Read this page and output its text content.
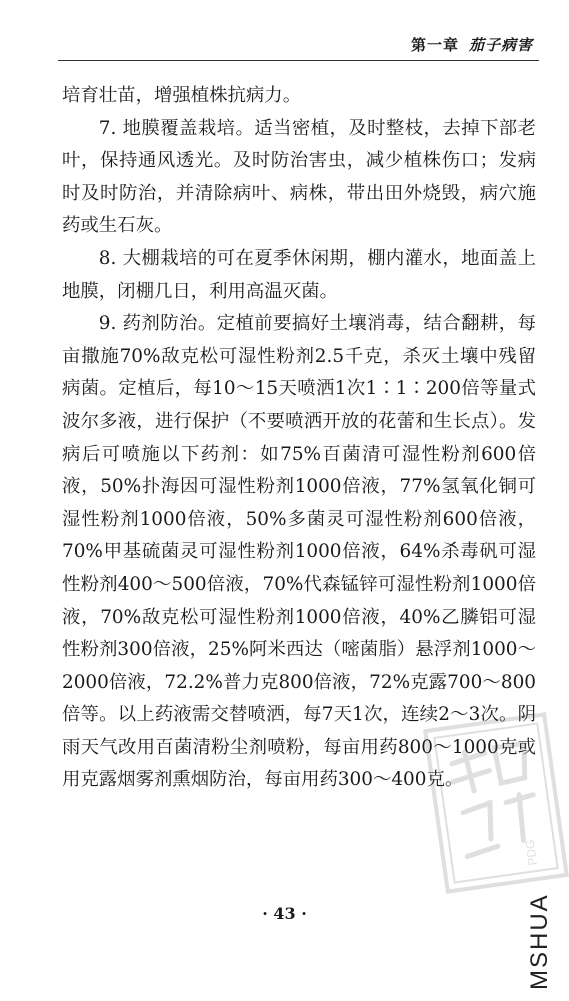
第一章 茄子病害

培育壮苗，增强植株抗病力。

7. 地膜覆盖栽培。适当密植，及时整枝，去掉下部老叶，保持通风透光。及时防治害虫，减少植株伤口；发病时及时防治，并清除病叶、病株，带出田外烧毁，病穴施药或生石灰。

8. 大棚栽培的可在夏季休闲期，棚内灌水，地面盖上地膜，闭棚几日，利用高温灭菌。

9. 药剂防治。定植前要搞好土壤消毒，结合翻耕，每亩撒施70%敌克松可湿性粉剂2.5千克，杀灭土壤中残留病菌。定植后，每10～15天喷洒1次1∶1∶200倍等量式波尔多液，进行保护（不要喷洒开放的花蕾和生长点）。发病后可喷施以下药剂：如75%百菌清可湿性粉剂600倍液，50%扑海因可湿性粉剂1000倍液，77%氢氧化铜可湿性粉剂1000倍液，50%多菌灵可湿性粉剂600倍液，70%甲基硫菌灵可湿性粉剂1000倍液，64%杀毒矾可湿性粉剂400～500倍液，70%代森锰锌可湿性粉剂1000倍液，70%敌克松可湿性粉剂1000倍液，40%乙膦铝可湿性粉剂300倍液，25%阿米西达（嘧菌脂）悬浮剂1000～2000倍液，72.2%普力克800倍液，72%克露700～800倍等。以上药液需交替喷洒，每7天1次，连续2～3次。阴雨天气改用百菌清粉尘剂喷粉，每亩用药800～1000克或用克露烟雾剂熏烟防治，每亩用药300～400克。

PDG
· 43 ·	MSHUA
